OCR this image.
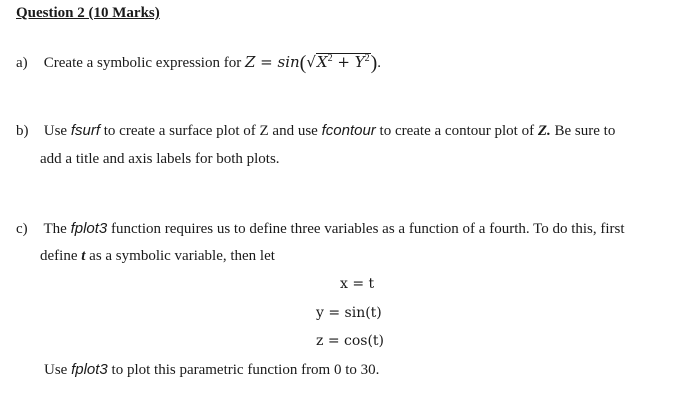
Question 2 (10 Marks)
a) Create a symbolic expression for $Z = \sin(√X^2 + Y^2)$.
b) Use fsurf to create a surface plot of Z and use fcontour to create a contour plot of Z. Be sure to
add a title and axis labels for both plots.
c) The fplot3 function requires us to define three variables as a function of a fourth. To do this, first
define t as a symbolic variable, then let
x = t
y = sin(t)
z = cos(t)
Use fplot3 to plot this parametric function from 0 to 30.
